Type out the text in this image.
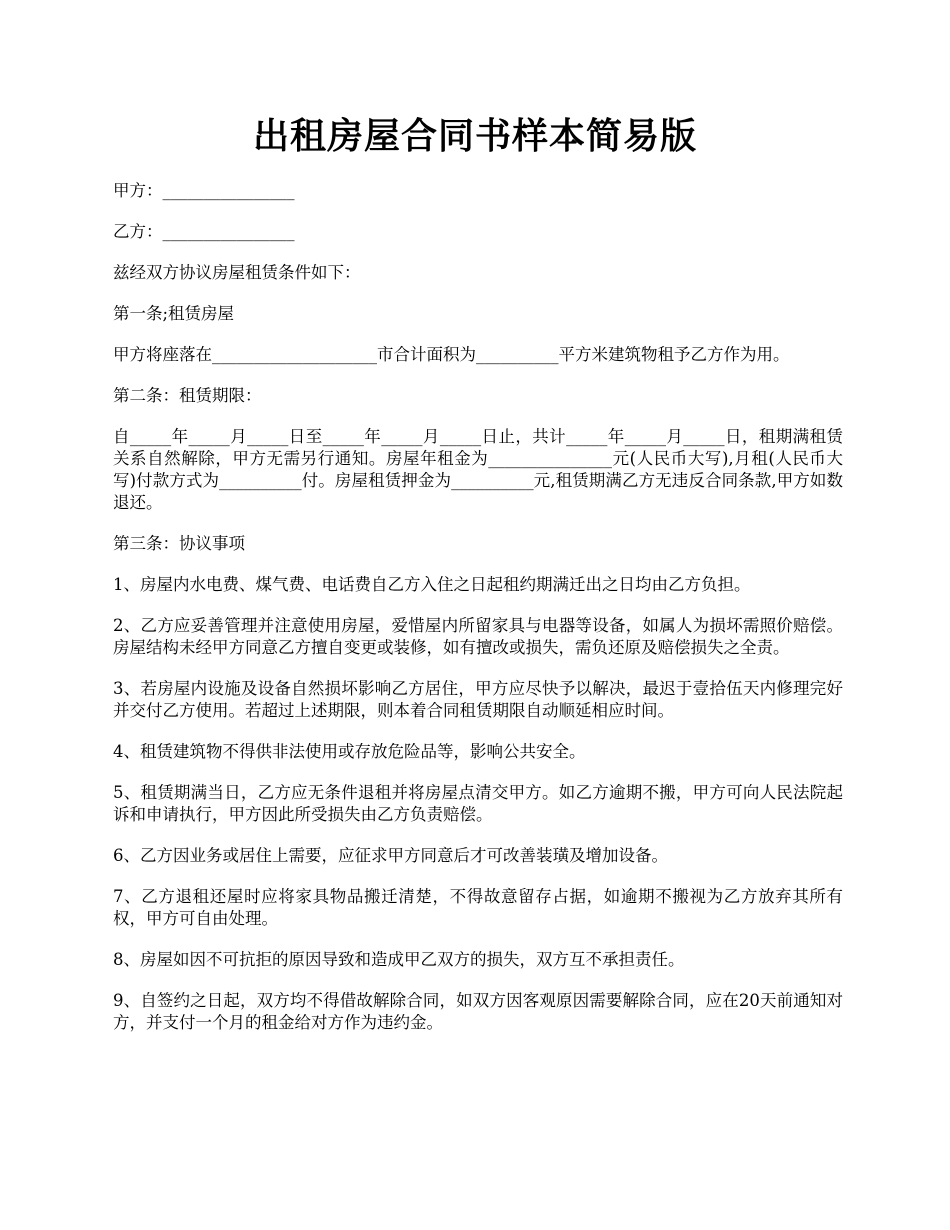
出租房屋合同书样本简易版

甲方：________________

乙方：________________

兹经双方协议房屋租赁条件如下：

第一条;租赁房屋

甲方将座落在____________________市合计面积为__________平方米建筑物租予乙方作为用。

第二条：租赁期限：

自_____年_____月_____日至_____年_____月_____日止，共计_____年_____月_____日，租期满租赁关系自然解除，甲方无需另行通知。房屋年租金为_______________元(人民币大写),月租(人民币大写)付款方式为__________付。房屋租赁押金为__________元,租赁期满乙方无违反合同条款,甲方如数退还。

第三条：协议事项

1、房屋内水电费、煤气费、电话费自乙方入住之日起租约期满迁出之日均由乙方负担。

2、乙方应妥善管理并注意使用房屋，爱惜屋内所留家具与电器等设备，如属人为损坏需照价赔偿。房屋结构未经甲方同意乙方擅自变更或装修，如有擅改或损失，需负还原及赔偿损失之全责。

3、若房屋内设施及设备自然损坏影响乙方居住，甲方应尽快予以解决，最迟于壹拾伍天内修理完好并交付乙方使用。若超过上述期限，则本着合同租赁期限自动顺延相应时间。

4、租赁建筑物不得供非法使用或存放危险品等，影响公共安全。

5、租赁期满当日，乙方应无条件退租并将房屋点清交甲方。如乙方逾期不搬，甲方可向人民法院起诉和申请执行，甲方因此所受损失由乙方负责赔偿。

6、乙方因业务或居住上需要，应征求甲方同意后才可改善装璜及增加设备。

7、乙方退租还屋时应将家具物品搬迁清楚，不得故意留存占据，如逾期不搬视为乙方放弃其所有权，甲方可自由处理。

8、房屋如因不可抗拒的原因导致和造成甲乙双方的损失，双方互不承担责任。

9、自签约之日起，双方均不得借故解除合同，如双方因客观原因需要解除合同，应在20天前通知对方，并支付一个月的租金给对方作为违约金。
